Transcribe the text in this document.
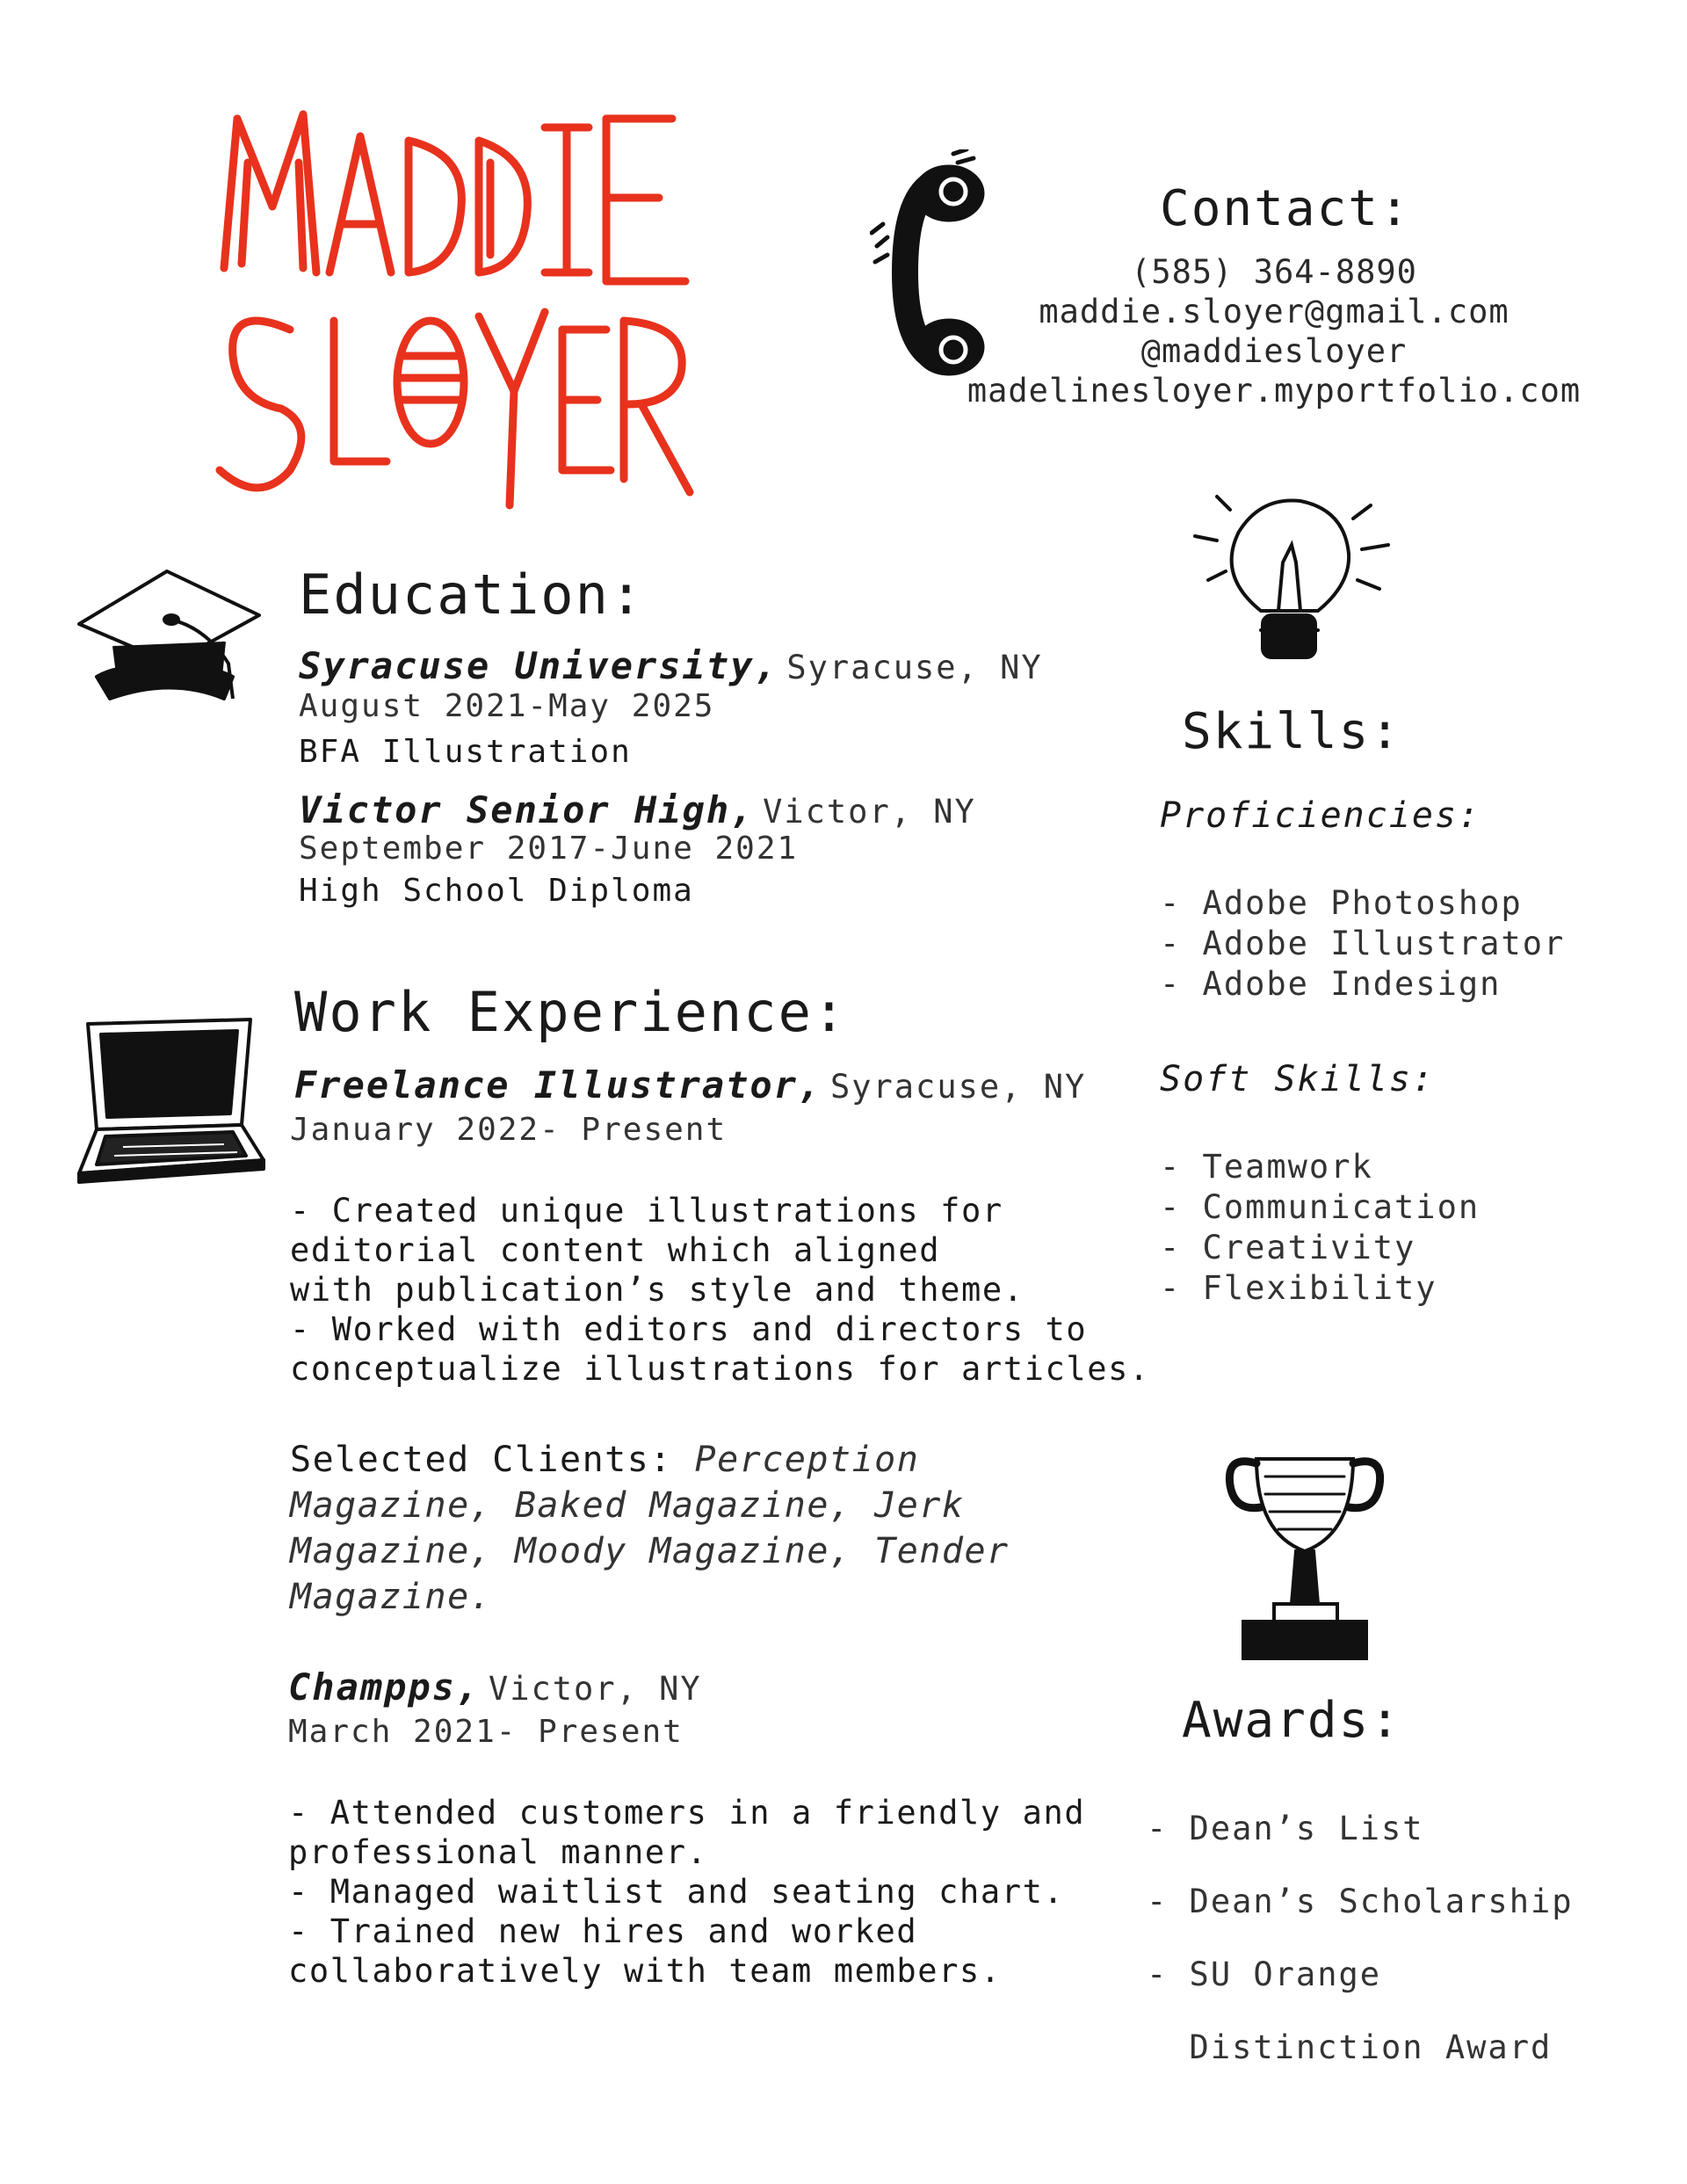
Contact:
(585) 364-8890
maddie.sloyer@gmail.com
@maddiesloyer
madelinesloyer.myportfolio.com
Education:
Syracuse University, Syracuse, NY
August 2021-May 2025
BFA Illustration
Victor Senior High, Victor, NY
September 2017-June 2021
High School Diploma
Work Experience:
Freelance Illustrator, Syracuse, NY
January 2022- Present
- Created unique illustrations for
editorial content which aligned
with publication’s style and theme.
- Worked with editors and directors to
conceptualize illustrations for articles.
Selected Clients: Perception
Magazine, Baked Magazine, Jerk
Magazine, Moody Magazine, Tender
Magazine.
Champps, Victor, NY
March 2021- Present
- Attended customers in a friendly and
professional manner.
- Managed waitlist and seating chart.
- Trained new hires and worked
collaboratively with team members.
Skills:
Proficiencies:
- Adobe Photoshop
- Adobe Illustrator
- Adobe Indesign
Soft Skills:
- Teamwork
- Communication
- Creativity
- Flexibility
Awards:

- Dean’s List

- Dean’s Scholarship

- SU Orange

Distinction Award
